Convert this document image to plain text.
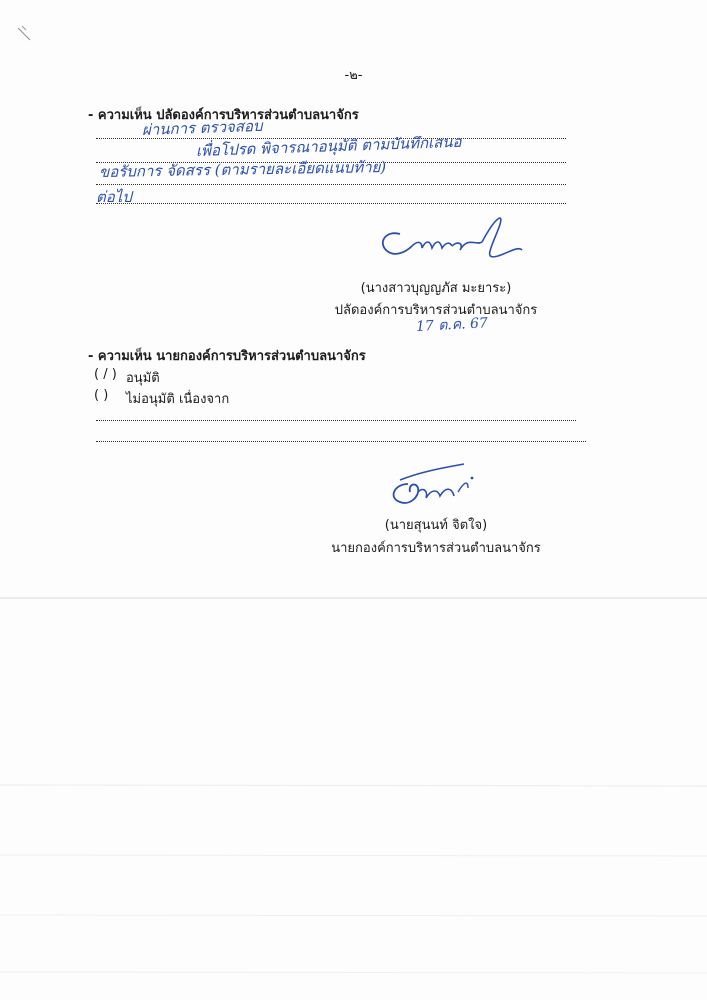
-๒-
- ความเห็น ปลัดองค์การบริหารส่วนตำบลนาจักร
ผ่านการ ตรวจสอบ
เพื่อโปรด พิจารณาอนุมัติ ตามบันทึกเสนอ
ขอรับการ จัดสรร (ตามรายละเอียดแนบท้าย)
ต่อไป
(นางสาวบุญญภัส มะยาระ)
ปลัดองค์การบริหารส่วนตำบลนาจักร
17 ต.ค. 67
- ความเห็น นายกองค์การบริหารส่วนตำบลนาจักร
( / ) อนุมัติ
( ) ไม่อนุมัติ เนื่องจาก
(นายสุนนท์ จิตใจ)
นายกองค์การบริหารส่วนตำบลนาจักร
